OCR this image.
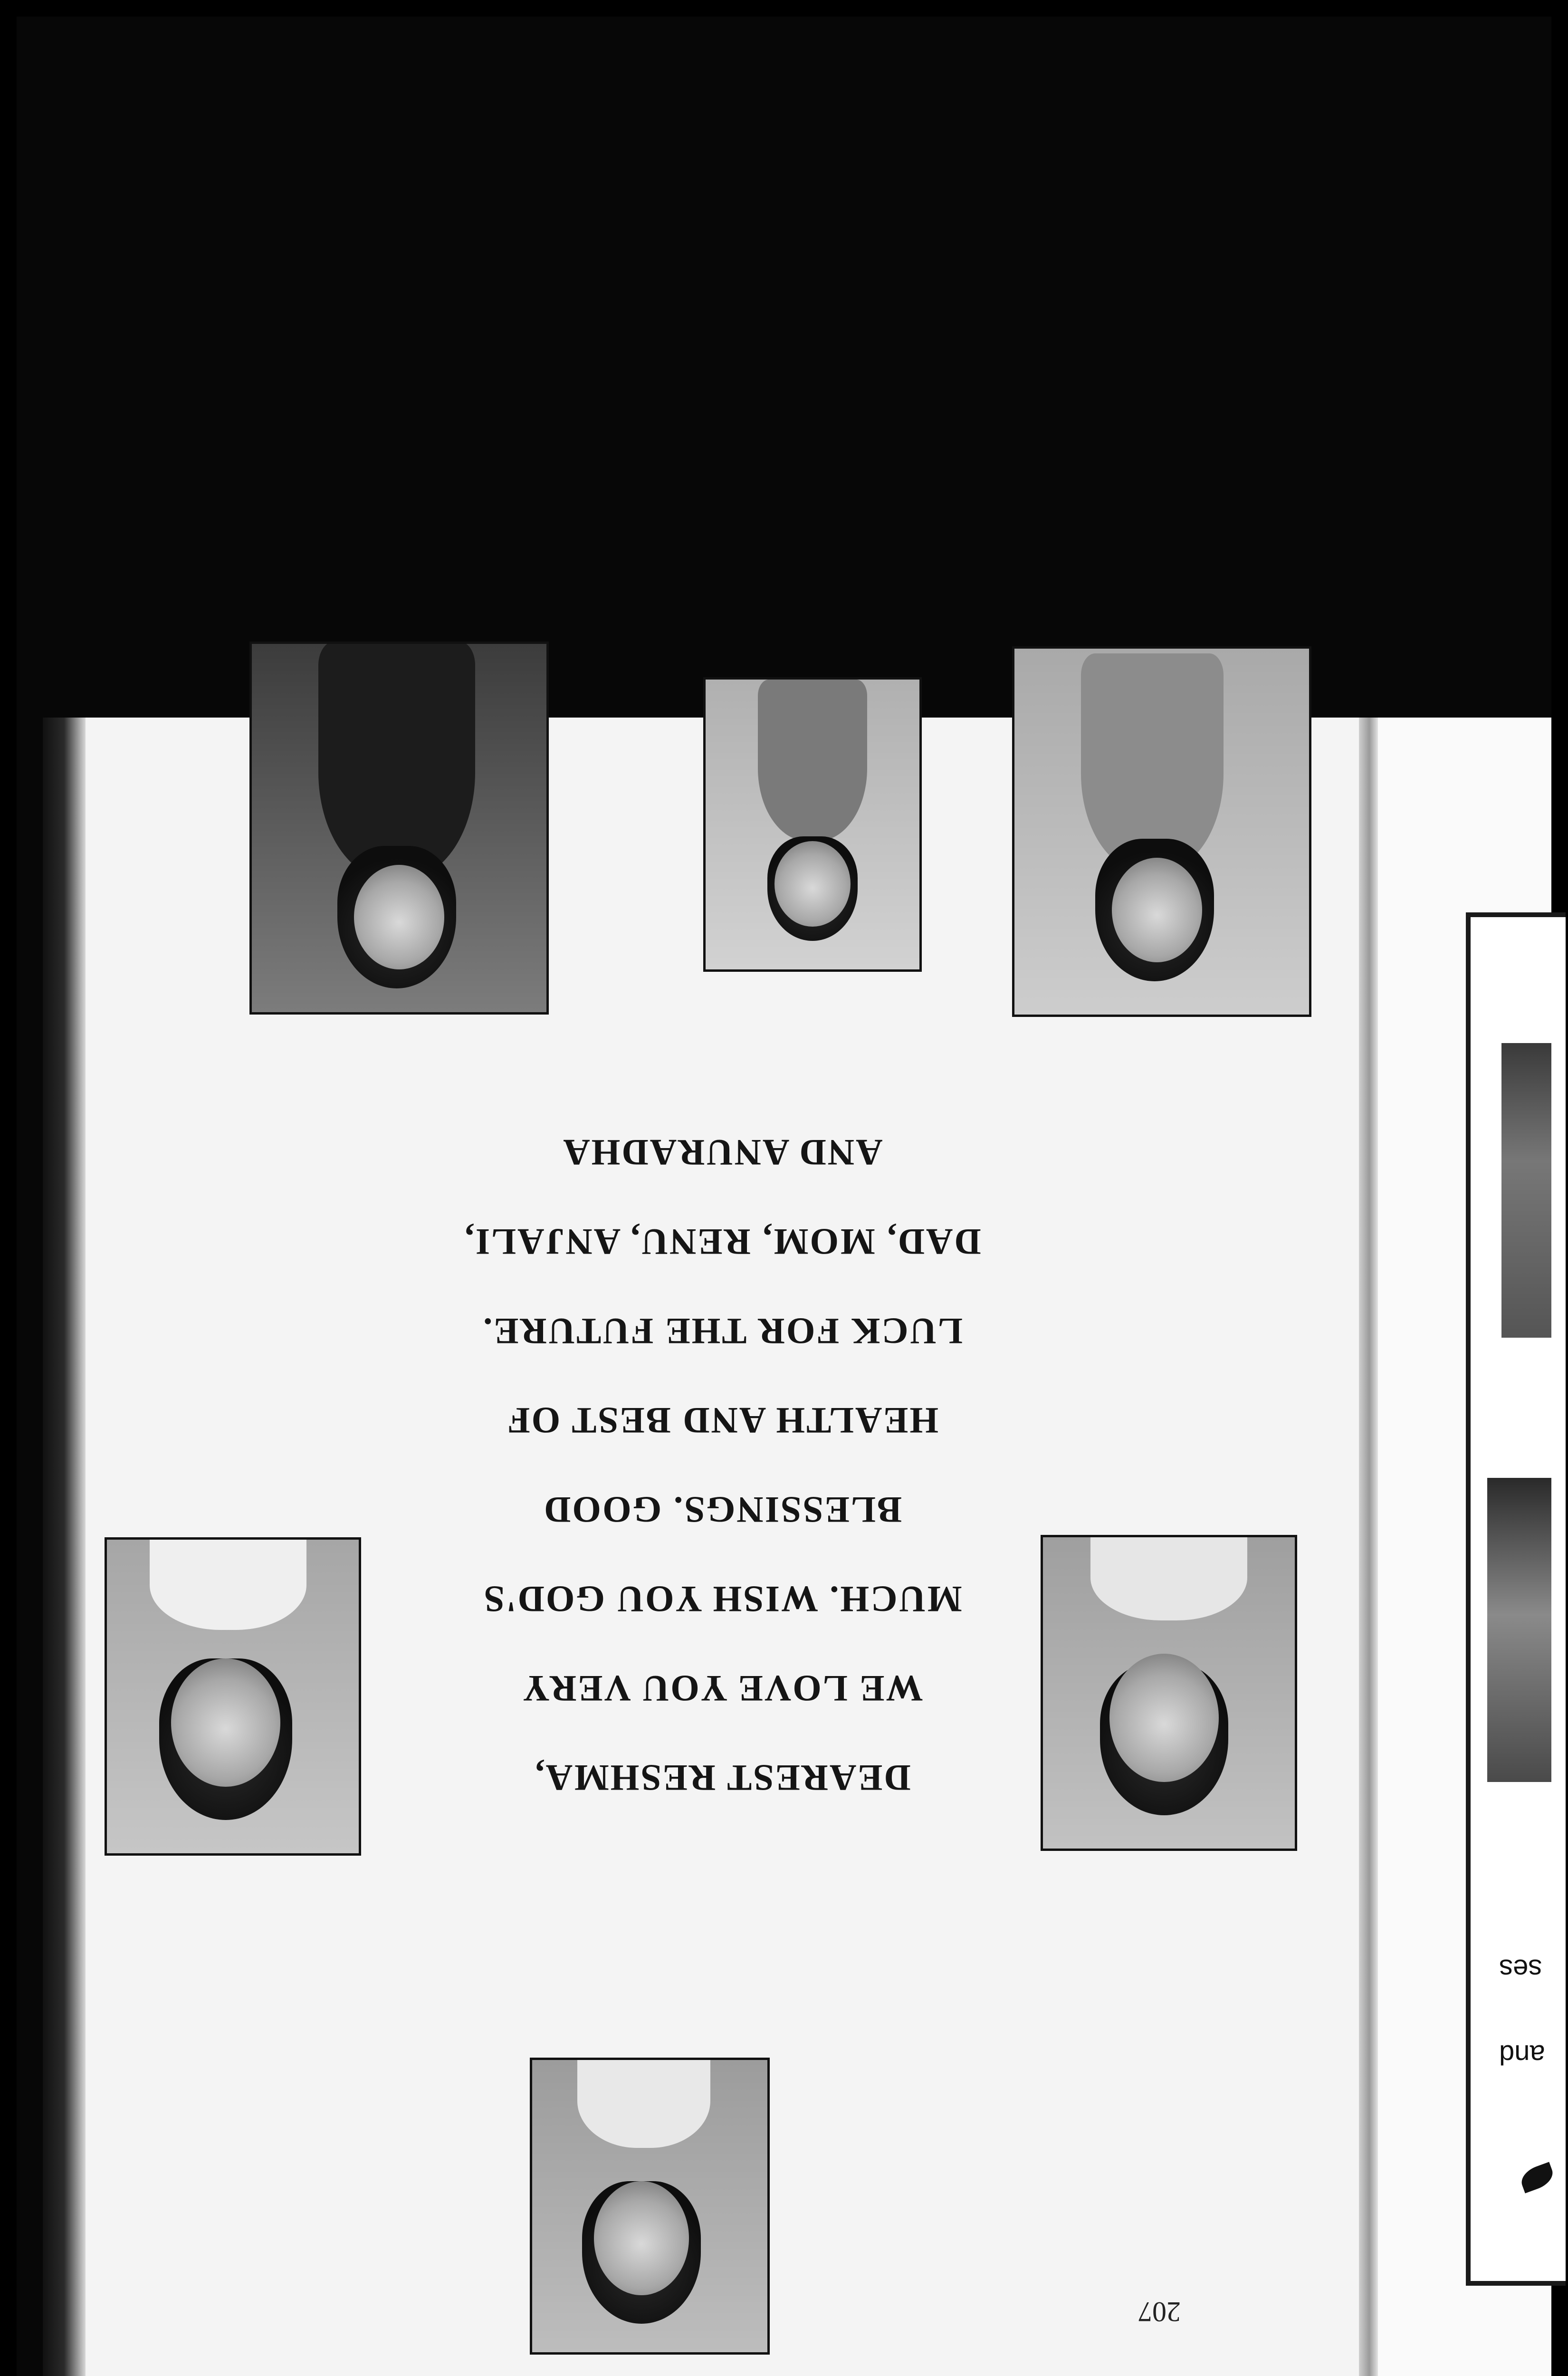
ses
and
207
DEAREST RESHMA,
WE LOVE YOU VERY
MUCH. WISH YOU GOD'S
BLESSINGS. GOOD
HEALTH AND BEST OF
LUCK FOR THE FUTURE.
DAD, MOM, RENU, ANJALI,
AND ANURADHA
